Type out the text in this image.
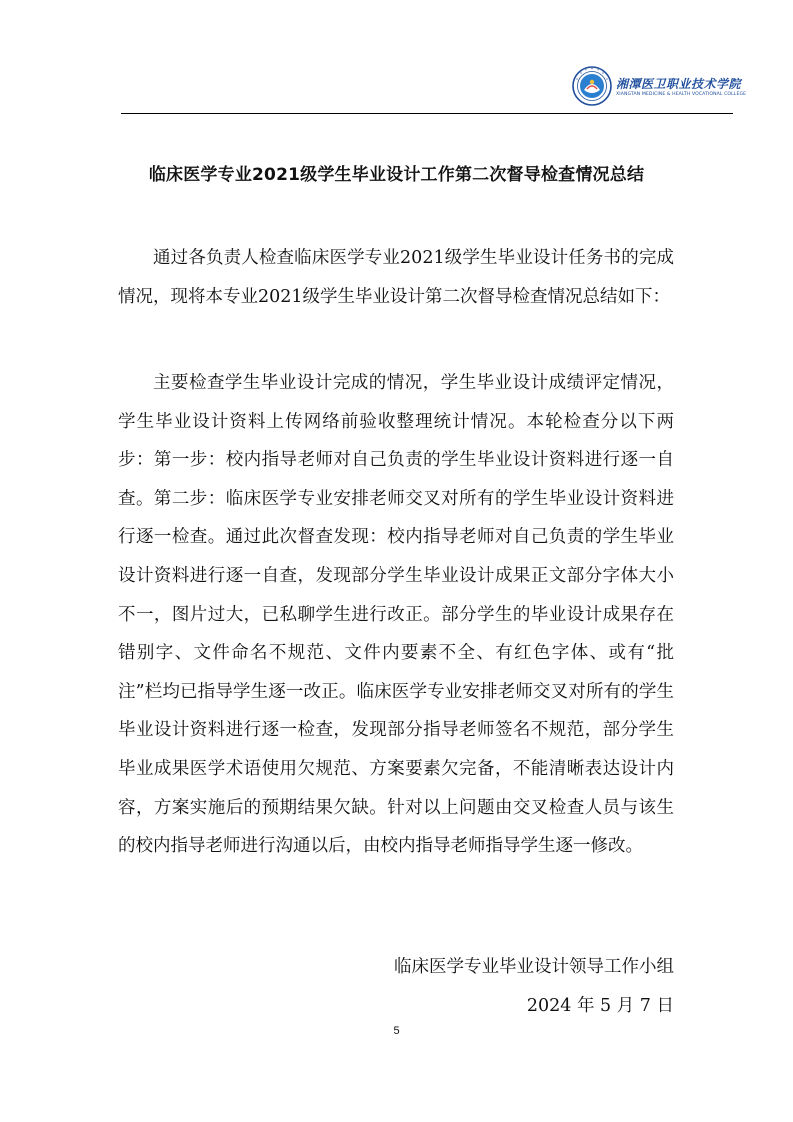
湘潭医卫职业技术学院
XIANGTAN MEDICINE & HEALTH VOCATIONAL COLLEGE
临床医学专业2021级学生毕业设计工作第二次督导检查情况总结

通过各负责人检查临床医学专业2021级学生毕业设计任务书的完成情况，现将本专业2021级学生毕业设计第二次督导检查情况总结如下：

主要检查学生毕业设计完成的情况，学生毕业设计成绩评定情况，学生毕业设计资料上传网络前验收整理统计情况。本轮检查分以下两步：第一步：校内指导老师对自己负责的学生毕业设计资料进行逐一自查。第二步：临床医学专业安排老师交叉对所有的学生毕业设计资料进行逐一检查。通过此次督查发现：校内指导老师对自己负责的学生毕业设计资料进行逐一自查，发现部分学生毕业设计成果正文部分字体大小不一，图片过大，已私聊学生进行改正。部分学生的毕业设计成果存在错别字、文件命名不规范、文件内要素不全、有红色字体、或有“批注”栏均已指导学生逐一改正。临床医学专业安排老师交叉对所有的学生毕业设计资料进行逐一检查，发现部分指导老师签名不规范，部分学生毕业成果医学术语使用欠规范、方案要素欠完备，不能清晰表达设计内容，方案实施后的预期结果欠缺。针对以上问题由交叉检查人员与该生的校内指导老师进行沟通以后，由校内指导老师指导学生逐一修改。

临床医学专业毕业设计领导工作小组
2024 年 5 月 7 日
5
